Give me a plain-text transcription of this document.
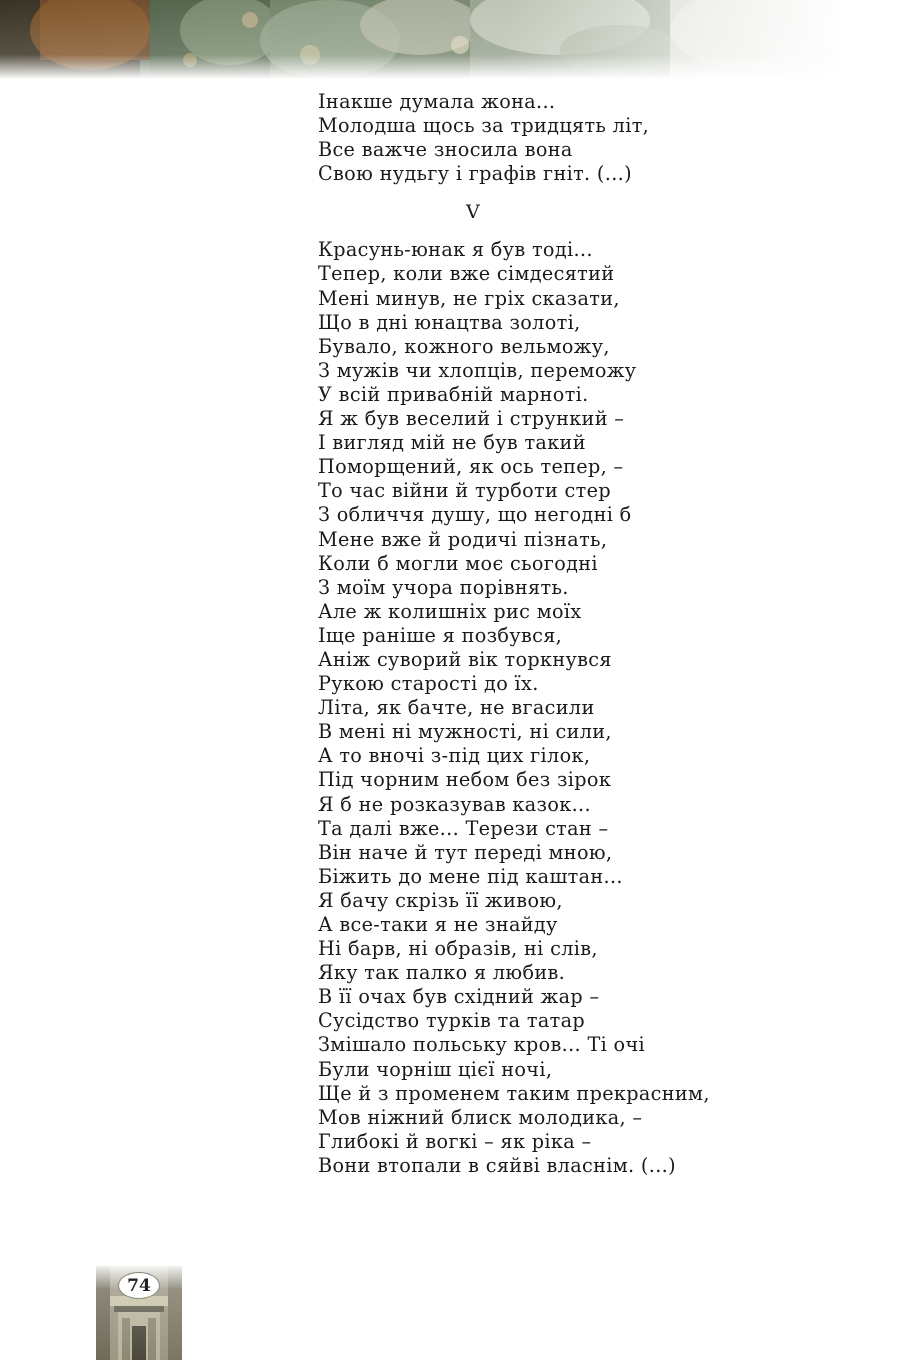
Інакше думала жона...
Молодша щось за тридцять літ,
Все важче зносила вона
Свою нудьгу і графів гніт. (...)
V
Красунь-юнак я був тоді...
Тепер, коли вже сімдесятий
Мені минув, не гріх сказати,
Що в дні юнацтва золоті,
Бувало, кожного вельможу,
З мужів чи хлопців, переможу
У всій привабній марноті.
Я ж був веселий і стрункий –
І вигляд мій не був такий
Поморщений, як ось тепер, –
То час війни й турботи стер
З обличчя душу, що негодні б
Мене вже й родичі пізнать,
Коли б могли моє сьогодні
З моїм учора порівнять.
Але ж колишніх рис моїх
Іще раніше я позбувся,
Аніж суворий вік торкнувся
Рукою старості до їх.
Літа, як бачте, не вгасили
В мені ні мужності, ні сили,
А то вночі з-під цих гілок,
Під чорним небом без зірок
Я б не розказував казок...
Та далі вже... Терези стан –
Він наче й тут переді мною,
Біжить до мене під каштан...
Я бачу скрізь її живою,
А все-таки я не знайду
Ні барв, ні образів, ні слів,
Яку так палко я любив.
В її очах був східний жар –
Сусідство турків та татар
Змішало польську кров... Ті очі
Були чорніш цієї ночі,
Ще й з променем таким прекрасним,
Мов ніжний блиск молодика, –
Глибокі й вогкі – як ріка –
Вони втопали в сяйві власнім. (...)
74
